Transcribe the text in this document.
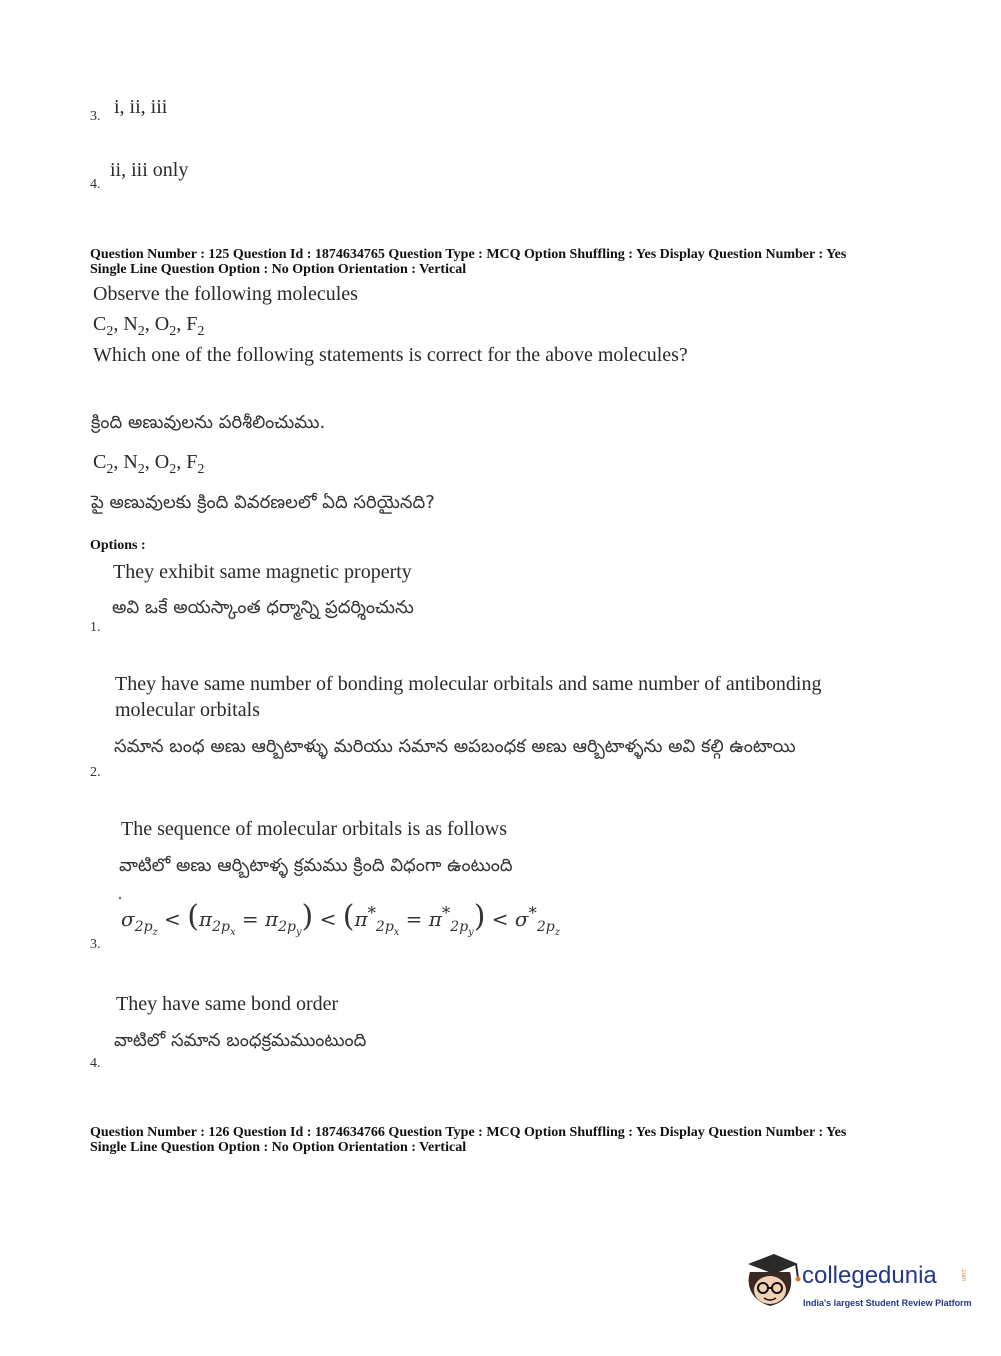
3. i, ii, iii
4.
ii, iii only
Question Number : 125 Question Id : 1874634765 Question Type : MCQ Option Shuffling : Yes Display Question Number : Yes
Single Line Question Option : No Option Orientation : Vertical
Observe the following molecules
$C_2$, $N_2$, $O_2$, $F_2$
Which one of the following statements is correct for the above molecules?
క్రింది అణువులను పరిశీలించుము.
$C_2$, $N_2$, $O_2$, $F_2$
పై అణువులకు క్రింది వివరణలలో ఏది సరియైనది?
Options :
They exhibit same magnetic property
అవి ఒకే అయస్కాంత ధర్మాన్ని ప్రదర్శించును
1.
They have same number of bonding molecular orbitals and same number of antibonding
molecular orbitals
సమాన బంధ అణు ఆర్బిటాళ్ళు మరియు సమాన అపబంధక అణు ఆర్బిటాళ్ళను అవి కల్గి ఉంటాయి
2.
The sequence of molecular orbitals is as follows
వాటిలో అణు ఆర్బిటాళ్ళ క్రమము క్రింది విధంగా ఉంటుంది
$\sigma_{2p_z} < (\pi_{2p_x} = \pi_{2p_y}) < (\pi^*_{2p_x} = \pi^*_{2p_y}) < \sigma^*_{2p_z}$
3.
They have same bond order
వాటిలో సమాన బంధక్రమముంటుంది
4.
Question Number : 126 Question Id : 1874634766 Question Type : MCQ Option Shuffling : Yes Display Question Number : Yes
Single Line Question Option : No Option Orientation : Vertical
collegedunia	.com
India's largest Student Review Platform
